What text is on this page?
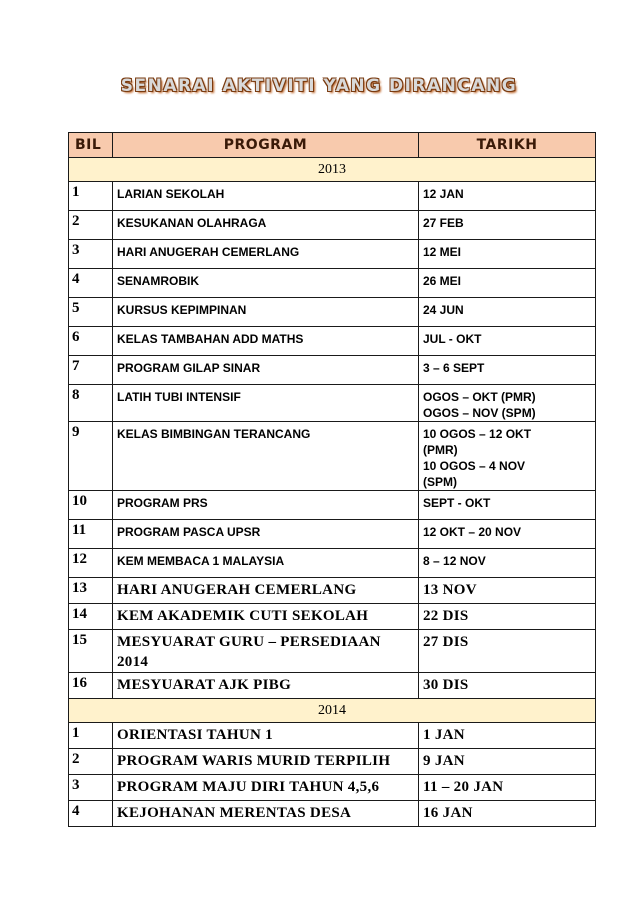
SENARAI AKTIVITI YANG DIRANCANG
BIL	PROGRAM	TARIKH
2013		
1	LARIAN SEKOLAH	12 JAN

2	KESUKANAN OLAHRAGA	27 FEB

3	HARI ANUGERAH CEMERLANG	12 MEI

4	SENAMROBIK	26 MEI

5	KURSUS KEPIMPINAN	24 JUN

6	KELAS TAMBAHAN ADD MATHS	JUL - OKT

7	PROGRAM GILAP SINAR	3 – 6 SEPT

8	LATIH TUBI INTENSIF	OGOS – OKT (PMR)
OGOS – NOV (SPM)

9	KELAS BIMBINGAN TERANCANG	10 OGOS – 12 OKT
(PMR)
10 OGOS – 4 NOV
(SPM)

10	PROGRAM PRS	SEPT - OKT

11	PROGRAM PASCA UPSR	12 OKT – 20 NOV

12	KEM MEMBACA 1 MALAYSIA	8 – 12 NOV

13	HARI ANUGERAH CEMERLANG	13 NOV

14	KEM AKADEMIK CUTI SEKOLAH	22 DIS

15	MESYUARAT GURU – PERSEDIAAN 2014	27 DIS

16	MESYUARAT AJK PIBG	30 DIS

2014		
1	ORIENTASI TAHUN 1	1 JAN

2	PROGRAM WARIS MURID TERPILIH	9 JAN

3	PROGRAM MAJU DIRI TAHUN 4,5,6	11 – 20 JAN

4	KEJOHANAN MERENTAS DESA	16 JAN
